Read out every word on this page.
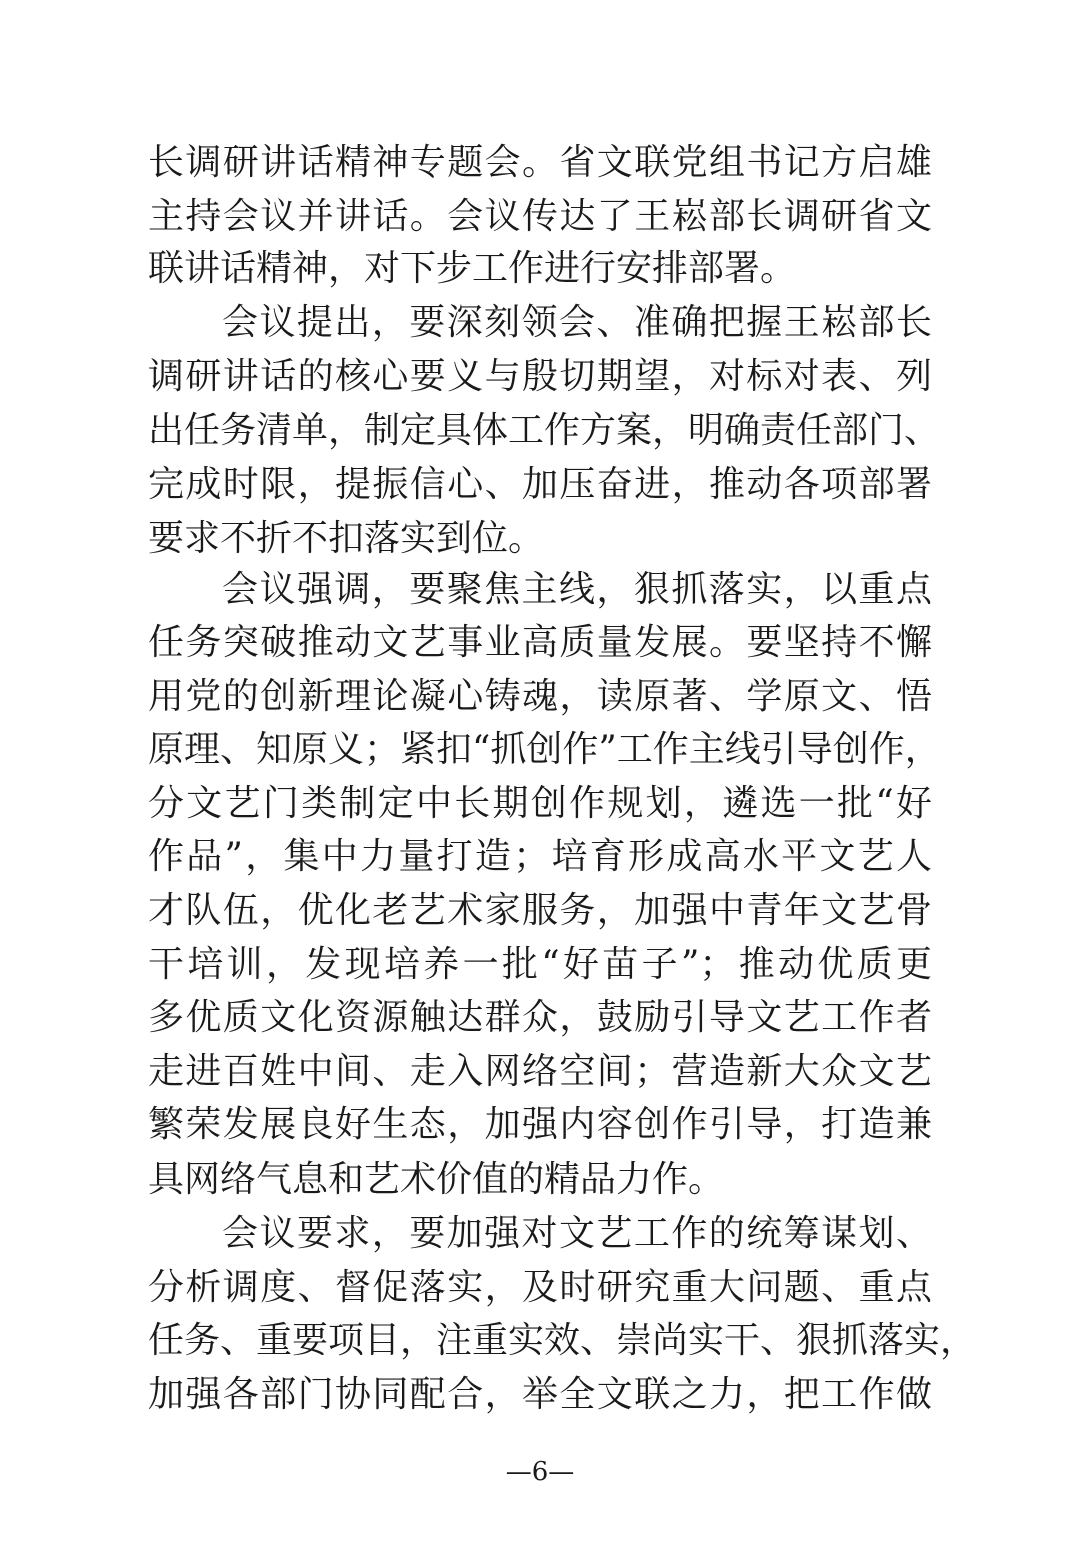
长调研讲话精神专题会。省文联党组书记方启雄
主持会议并讲话。会议传达了王崧部长调研省文
联讲话精神，对下步工作进行安排部署。
会议提出，要深刻领会、准确把握王崧部长
调研讲话的核心要义与殷切期望，对标对表、列
出任务清单，制定具体工作方案，明确责任部门、
完成时限，提振信心、加压奋进，推动各项部署
要求不折不扣落实到位。
会议强调，要聚焦主线，狠抓落实，以重点
任务突破推动文艺事业高质量发展。要坚持不懈
用党的创新理论凝心铸魂，读原著、学原文、悟
原理、知原义；紧扣“抓创作”工作主线引导创作，
分文艺门类制定中长期创作规划，遴选一批“好
作品”，集中力量打造；培育形成高水平文艺人
才队伍，优化老艺术家服务，加强中青年文艺骨
干培训，发现培养一批“好苗子”；推动优质更
多优质文化资源触达群众，鼓励引导文艺工作者
走进百姓中间、走入网络空间；营造新大众文艺
繁荣发展良好生态，加强内容创作引导，打造兼
具网络气息和艺术价值的精品力作。
会议要求，要加强对文艺工作的统筹谋划、
分析调度、督促落实，及时研究重大问题、重点
任务、重要项目，注重实效、崇尚实干、狠抓落实，
加强各部门协同配合，举全文联之力，把工作做
—6—
